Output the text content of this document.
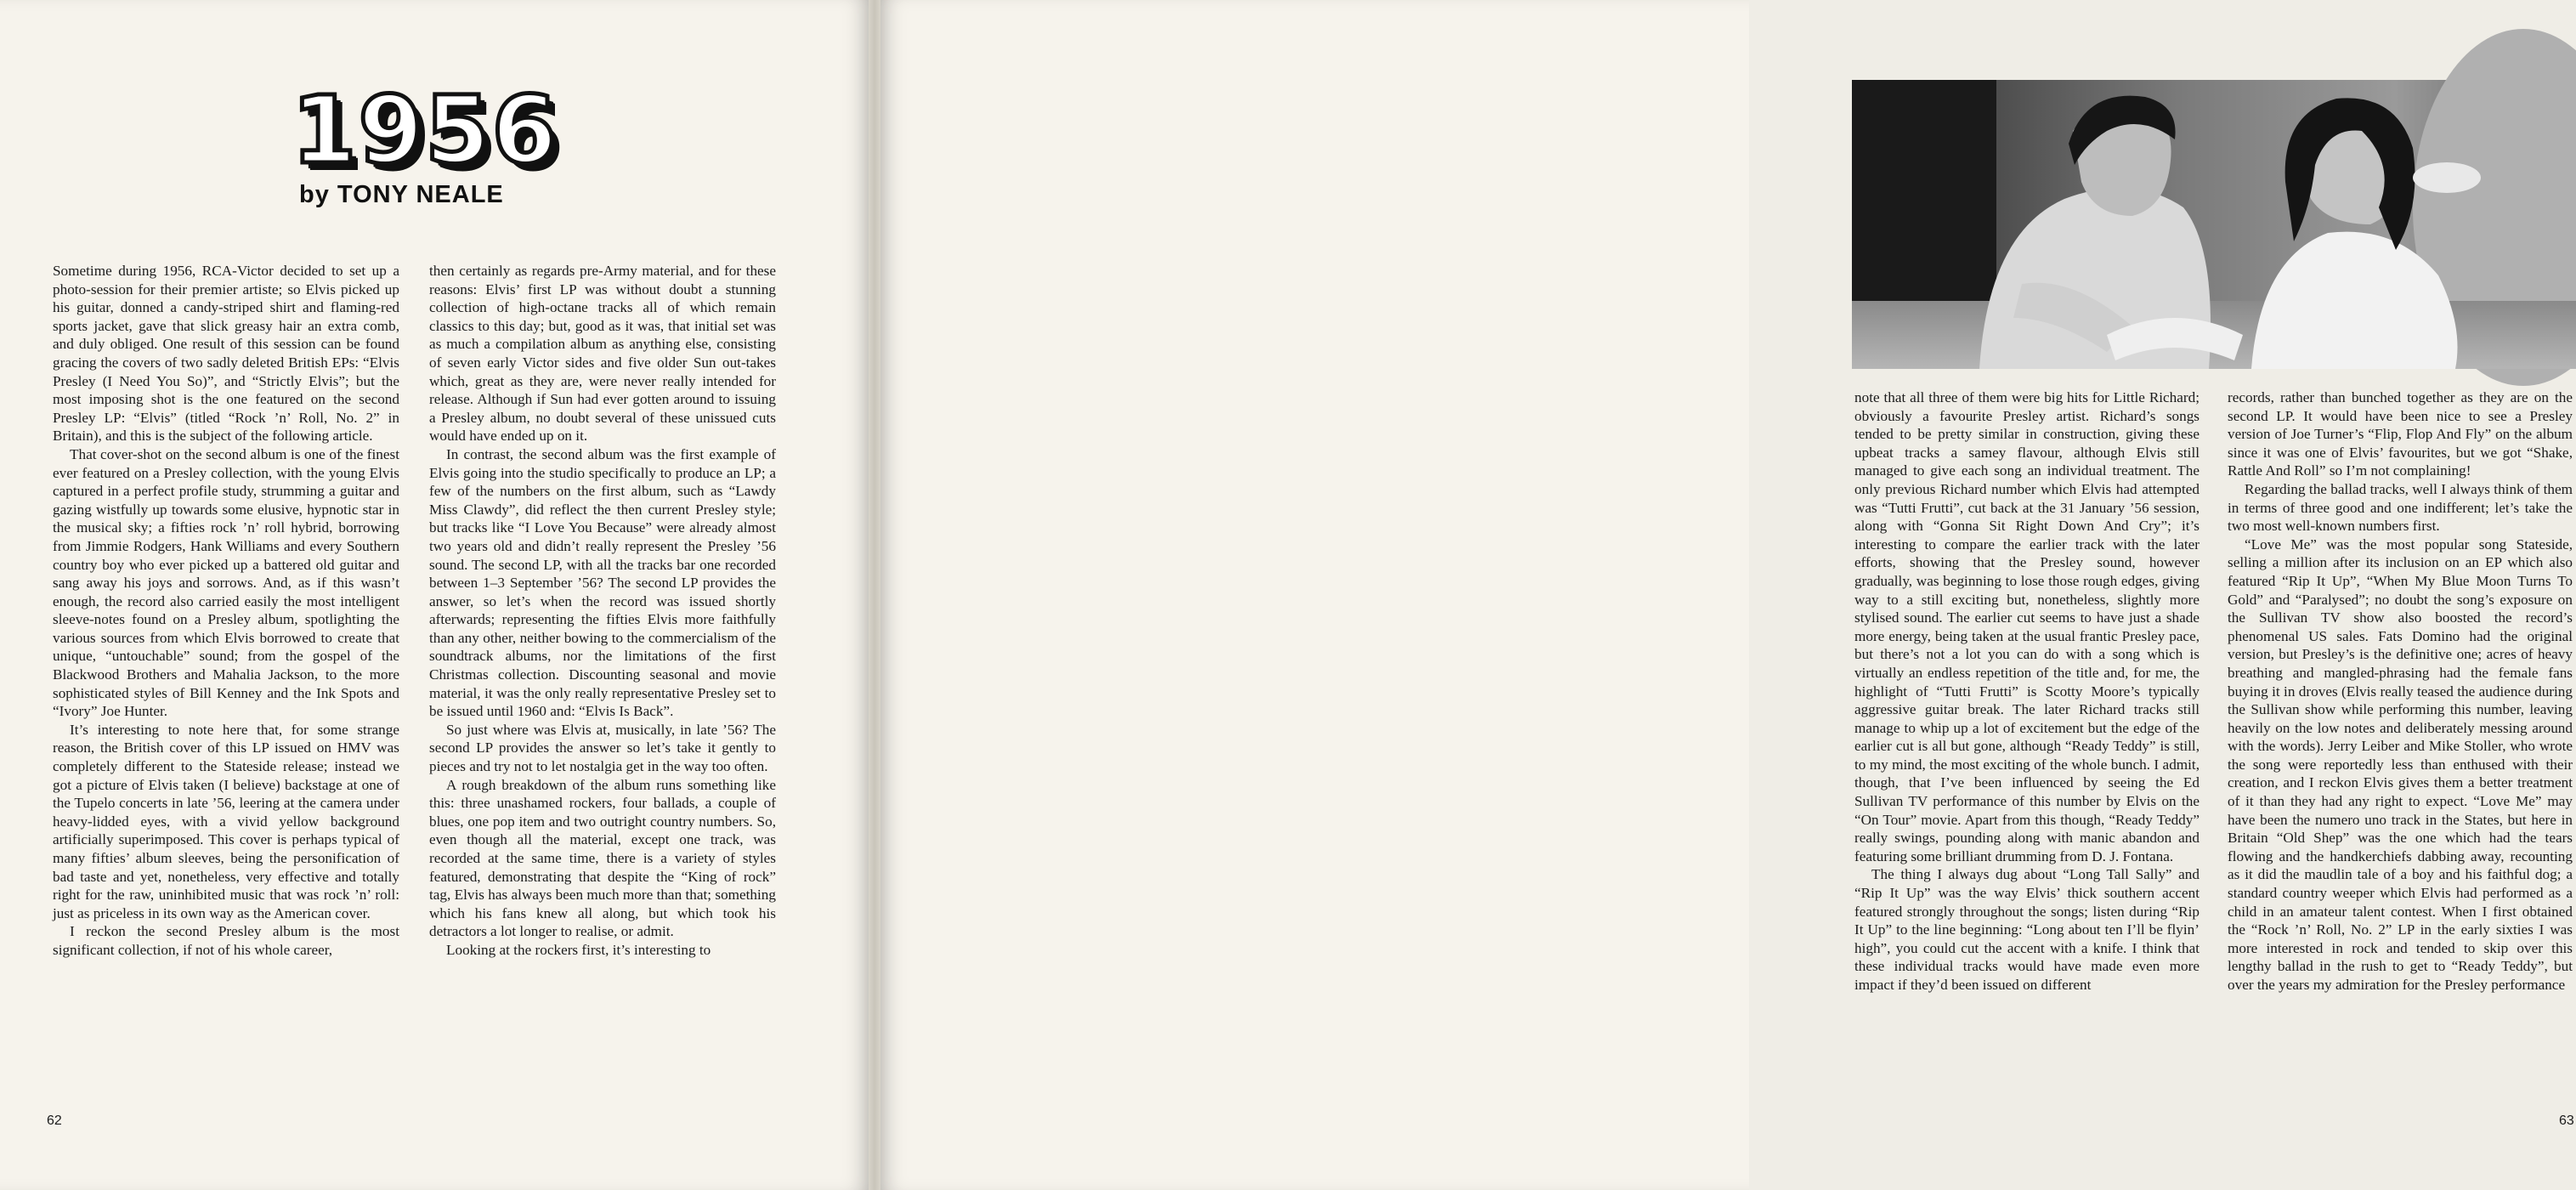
1956
by TONY NEALE

Sometime during 1956, RCA-Victor decided to set up a photo-session for their premier artiste; so Elvis picked up his guitar, donned a candy-striped shirt and flaming-red sports jacket, gave that slick greasy hair an extra comb, and duly obliged. One result of this session can be found gracing the covers of two sadly deleted British EPs: “Elvis Presley (I Need You So)”, and “Strictly Elvis”; but the most imposing shot is the one featured on the second Presley LP: “Elvis” (titled “Rock ’n’ Roll, No. 2” in Britain), and this is the subject of the following article.

That cover-shot on the second album is one of the finest ever featured on a Presley collection, with the young Elvis captured in a perfect profile study, strumming a guitar and gazing wistfully up towards some elusive, hypnotic star in the musical sky; a fifties rock ’n’ roll hybrid, borrowing from Jimmie Rodgers, Hank Williams and every Southern country boy who ever picked up a battered old guitar and sang away his joys and sorrows. And, as if this wasn’t enough, the record also carried easily the most intelligent sleeve-notes found on a Presley album, spotlighting the various sources from which Elvis borrowed to create that unique, “untouchable” sound; from the gospel of the Blackwood Brothers and Mahalia Jackson, to the more sophisticated styles of Bill Kenney and the Ink Spots and “Ivory” Joe Hunter.

It’s interesting to note here that, for some strange reason, the British cover of this LP issued on HMV was completely different to the Stateside release; instead we got a picture of Elvis taken (I believe) backstage at one of the Tupelo concerts in late ’56, leering at the camera under heavy-lidded eyes, with a vivid yellow background artificially superimposed. This cover is perhaps typical of many fifties’ album sleeves, being the personification of bad taste and yet, nonetheless, very effective and totally right for the raw, uninhibited music that was rock ’n’ roll: just as priceless in its own way as the American cover.

I reckon the second Presley album is the most significant collection, if not of his whole career,

then certainly as regards pre-Army material, and for these reasons: Elvis’ first LP was without doubt a stunning collection of high-octane tracks all of which remain classics to this day; but, good as it was, that initial set was as much a compilation album as anything else, consisting of seven early Victor sides and five older Sun out-takes which, great as they are, were never really intended for release. Although if Sun had ever gotten around to issuing a Presley album, no doubt several of these unissued cuts would have ended up on it.

In contrast, the second album was the first example of Elvis going into the studio specifically to produce an LP; a few of the numbers on the first album, such as “Lawdy Miss Clawdy”, did reflect the then current Presley style; but tracks like “I Love You Because” were already almost two years old and didn’t really represent the Presley ’56 sound. The second LP, with all the tracks bar one recorded between 1–3 September ’56? The second LP provides the answer, so let’s when the record was issued shortly afterwards; representing the fifties Elvis more faithfully than any other, neither bowing to the commercialism of the soundtrack albums, nor the limitations of the first Christmas collection. Discounting seasonal and movie material, it was the only really representative Presley set to be issued until 1960 and: “Elvis Is Back”.

So just where was Elvis at, musically, in late ’56? The second LP provides the answer so let’s take it gently to pieces and try not to let nostalgia get in the way too often.

A rough breakdown of the album runs something like this: three unashamed rockers, four ballads, a couple of blues, one pop item and two outright country numbers. So, even though all the material, except one track, was recorded at the same time, there is a variety of styles featured, demonstrating that despite the “King of rock” tag, Elvis has always been much more than that; something which his fans knew all along, but which took his detractors a lot longer to realise, or admit.

Looking at the rockers first, it’s interesting to

62

note that all three of them were big hits for Little Richard; obviously a favourite Presley artist. Richard’s songs tended to be pretty similar in construction, giving these upbeat tracks a samey flavour, although Elvis still managed to give each song an individual treatment. The only previous Richard number which Elvis had attempted was “Tutti Frutti”, cut back at the 31 January ’56 session, along with “Gonna Sit Right Down And Cry”; it’s interesting to compare the earlier track with the later efforts, showing that the Presley sound, however gradually, was beginning to lose those rough edges, giving way to a still exciting but, nonetheless, slightly more stylised sound. The earlier cut seems to have just a shade more energy, being taken at the usual frantic Presley pace, but there’s not a lot you can do with a song which is virtually an endless repetition of the title and, for me, the highlight of “Tutti Frutti” is Scotty Moore’s typically aggressive guitar break. The later Richard tracks still manage to whip up a lot of excitement but the edge of the earlier cut is all but gone, although “Ready Teddy” is still, to my mind, the most exciting of the whole bunch. I admit, though, that I’ve been influenced by seeing the Ed Sullivan TV performance of this number by Elvis on the “On Tour” movie. Apart from this though, “Ready Teddy” really swings, pounding along with manic abandon and featuring some brilliant drumming from D. J. Fontana.

The thing I always dug about “Long Tall Sally” and “Rip It Up” was the way Elvis’ thick southern accent featured strongly throughout the songs; listen during “Rip It Up” to the line beginning: “Long about ten I’ll be flyin’ high”, you could cut the accent with a knife. I think that these individual tracks would have made even more impact if they’d been issued on different

records, rather than bunched together as they are on the second LP. It would have been nice to see a Presley version of Joe Turner’s “Flip, Flop And Fly” on the album since it was one of Elvis’ favourites, but we got “Shake, Rattle And Roll” so I’m not complaining!

Regarding the ballad tracks, well I always think of them in terms of three good and one indifferent; let’s take the two most well-known numbers first.

“Love Me” was the most popular song Stateside, selling a million after its inclusion on an EP which also featured “Rip It Up”, “When My Blue Moon Turns To Gold” and “Paralysed”; no doubt the song’s exposure on the Sullivan TV show also boosted the record’s phenomenal US sales. Fats Domino had the original version, but Presley’s is the definitive one; acres of heavy breathing and mangled-phrasing had the female fans buying it in droves (Elvis really teased the audience during the Sullivan show while performing this number, leaving heavily on the low notes and deliberately messing around with the words). Jerry Leiber and Mike Stoller, who wrote the song were reportedly less than enthused with their creation, and I reckon Elvis gives them a better treatment of it than they had any right to expect. “Love Me” may have been the numero uno track in the States, but here in Britain “Old Shep” was the one which had the tears flowing and the handkerchiefs dabbing away, recounting as it did the maudlin tale of a boy and his faithful dog; a standard country weeper which Elvis had performed as a child in an amateur talent contest. When I first obtained the “Rock ’n’ Roll, No. 2” LP in the early sixties I was more interested in rock and tended to skip over this lengthy ballad in the rush to get to “Ready Teddy”, but over the years my admiration for the Presley performance

63
